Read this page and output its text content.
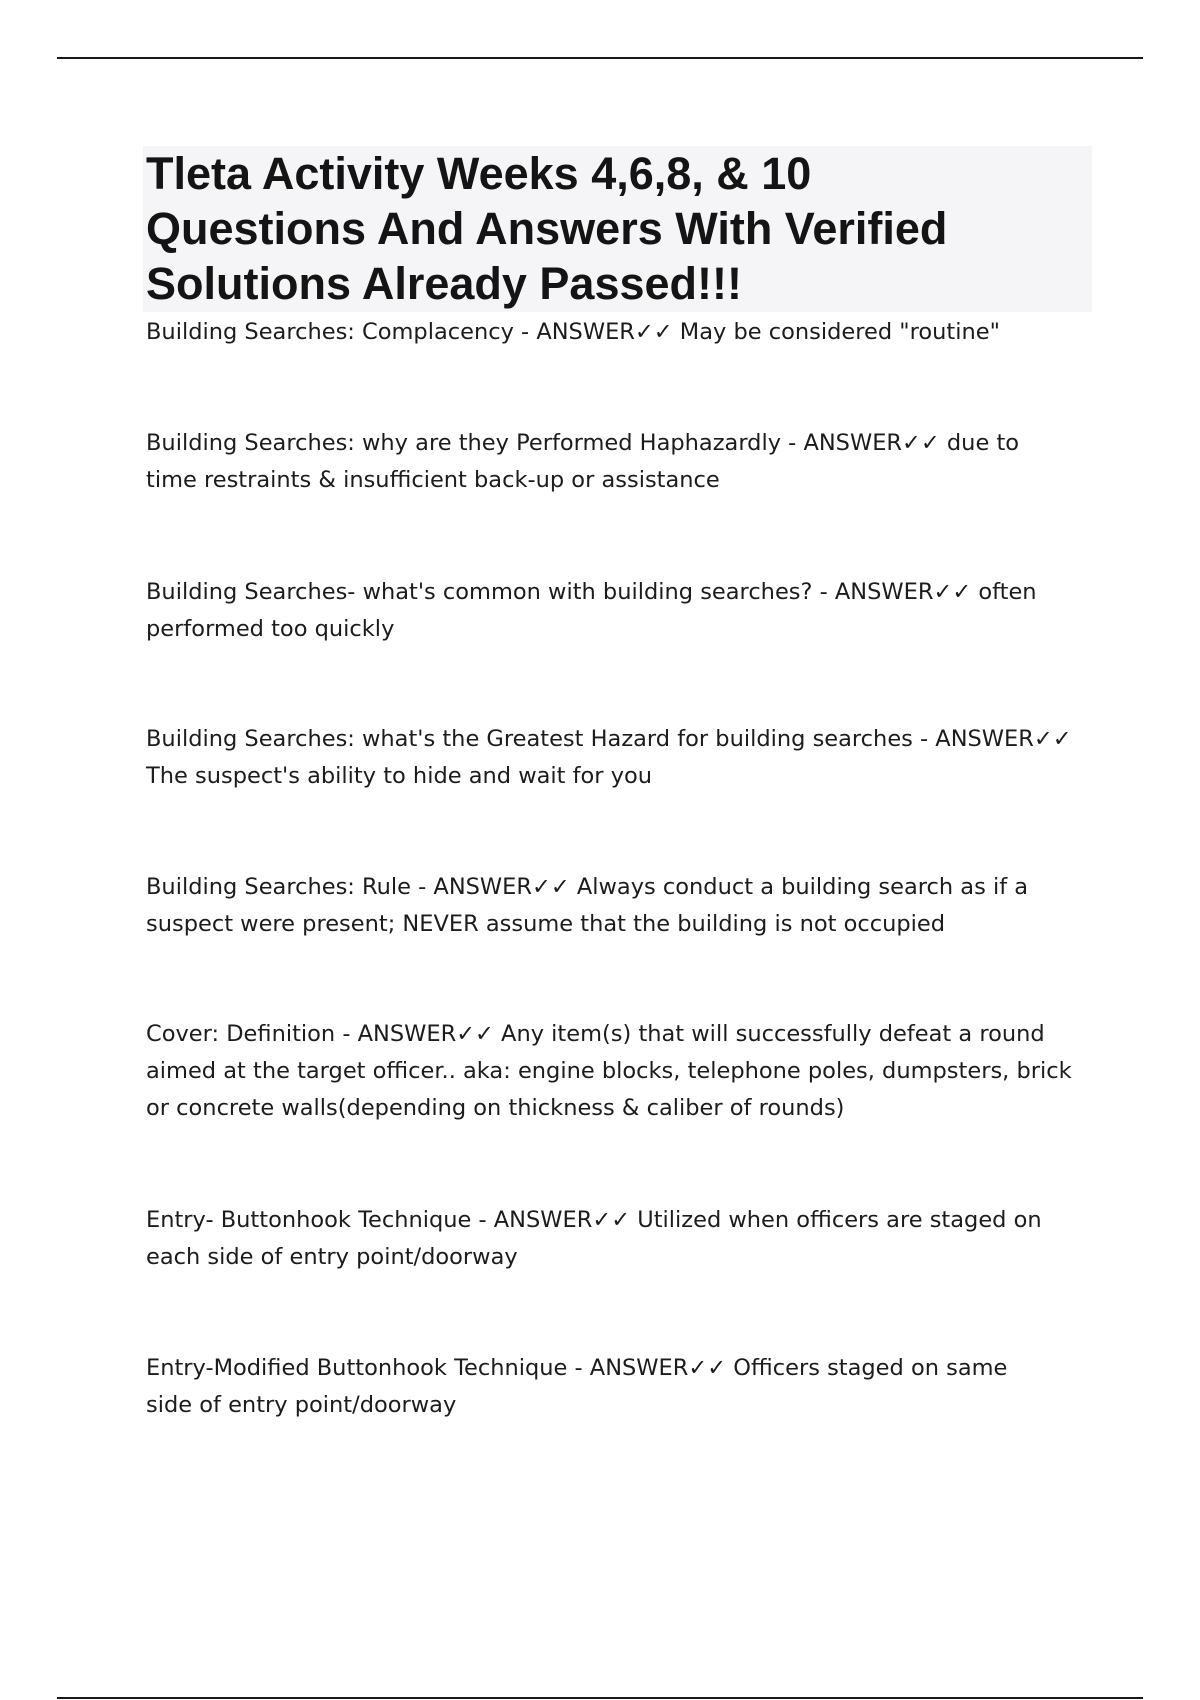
Tleta Activity Weeks 4,6,8, & 10
Questions And Answers With Verified
Solutions Already Passed!!!

Building Searches: Complacency - ANSWER✓✓ May be considered "routine"

Building Searches: why are they Performed Haphazardly - ANSWER✓✓ due to
time restraints & insufficient back-up or assistance

Building Searches- what's common with building searches? - ANSWER✓✓ often
performed too quickly

Building Searches: what's the Greatest Hazard for building searches - ANSWER✓✓
The suspect's ability to hide and wait for you

Building Searches: Rule - ANSWER✓✓ Always conduct a building search as if a
suspect were present; NEVER assume that the building is not occupied

Cover: Definition - ANSWER✓✓ Any item(s) that will successfully defeat a round
aimed at the target officer.. aka: engine blocks, telephone poles, dumpsters, brick
or concrete walls(depending on thickness & caliber of rounds)

Entry- Buttonhook Technique - ANSWER✓✓ Utilized when officers are staged on
each side of entry point/doorway

Entry-Modified Buttonhook Technique - ANSWER✓✓ Officers staged on same
side of entry point/doorway
